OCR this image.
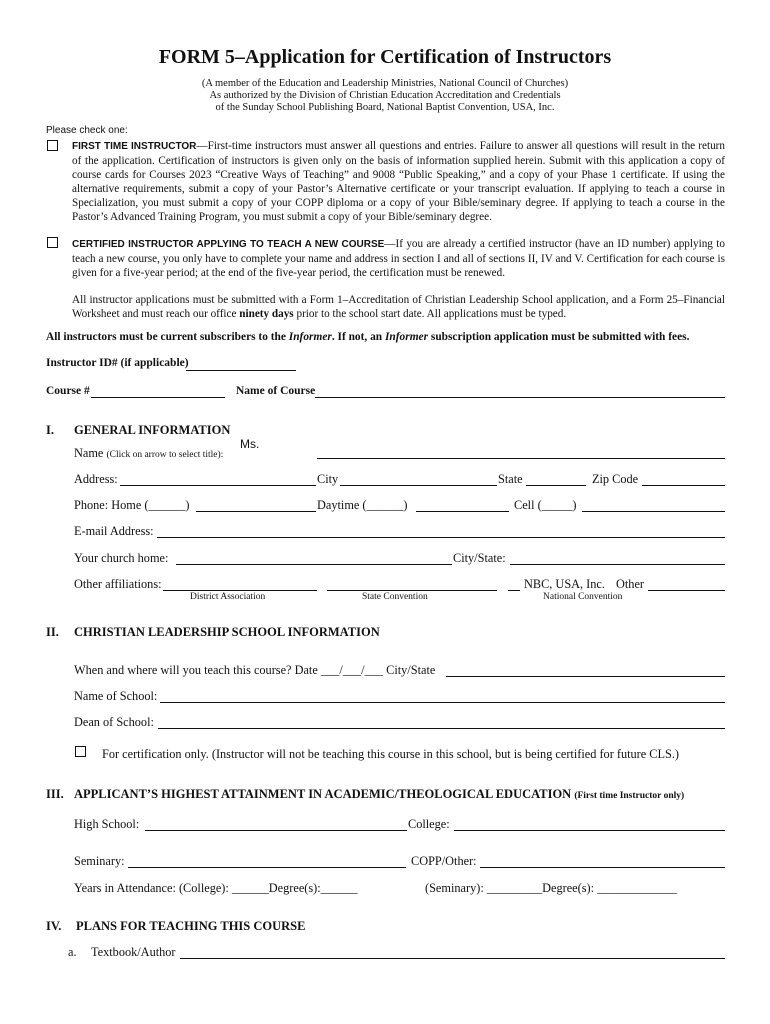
FORM 5–Application for Certification of Instructors
(A member of the Education and Leadership Ministries, National Council of Churches)
As authorized by the Division of Christian Education Accreditation and Credentials
of the Sunday School Publishing Board, National Baptist Convention, USA, Inc.
Please check one:
FIRST TIME INSTRUCTOR—First-time instructors must answer all questions and entries. Failure to answer all questions will result in the return of the application. Certification of instructors is given only on the basis of information supplied herein. Submit with this application a copy of course cards for Courses 2023 “Creative Ways of Teaching” and 9008 “Public Speaking,” and a copy of your Phase 1 certificate. If using the alternative requirements, submit a copy of your Pastor’s Alternative certificate or your transcript evaluation. If applying to teach a course in Specialization, you must submit a copy of your COPP diploma or a copy of your Bible/seminary degree. If applying to teach a course in the Pastor’s Advanced Training Program, you must submit a copy of your Bible/seminary degree.
CERTIFIED INSTRUCTOR APPLYING TO TEACH A NEW COURSE—If you are already a certified instructor (have an ID number) applying to teach a new course, you only have to complete your name and address in section I and all of sections II, IV and V. Certification for each course is given for a five-year period; at the end of the five-year period, the certification must be renewed.
All instructor applications must be submitted with a Form 1–Accreditation of Christian Leadership School application, and a Form 25–Financial Worksheet and must reach our office ninety days prior to the school start date. All applications must be typed.
All instructors must be current subscribers to the Informer. If not, an Informer subscription application must be submitted with fees.
Instructor ID# (if applicable)
Course #	Name of Course
I. GENERAL INFORMATION
Ms.
Name (Click on arrow to select title):
Address:	City	State	Zip Code
Phone: Home (______)	Daytime (______)	Cell (_____)
E-mail Address:
Your church home:	City/State:
Other affiliations:	NBC, USA, Inc. Other
District Association	State Convention	National Convention
II. CHRISTIAN LEADERSHIP SCHOOL INFORMATION
When and where will you teach this course? Date ___/___/___ City/State
Name of School:
Dean of School:
For certification only. (Instructor will not be teaching this course in this school, but is being certified for future CLS.)
III. APPLICANT’S HIGHEST ATTAINMENT IN ACADEMIC/THEOLOGICAL EDUCATION (First time Instructor only)
High School:	College:
Seminary:	COPP/Other:
Years in Attendance: (College): ______Degree(s):______	(Seminary): _________Degree(s): _____________
IV. PLANS FOR TEACHING THIS COURSE
a. Textbook/Author
